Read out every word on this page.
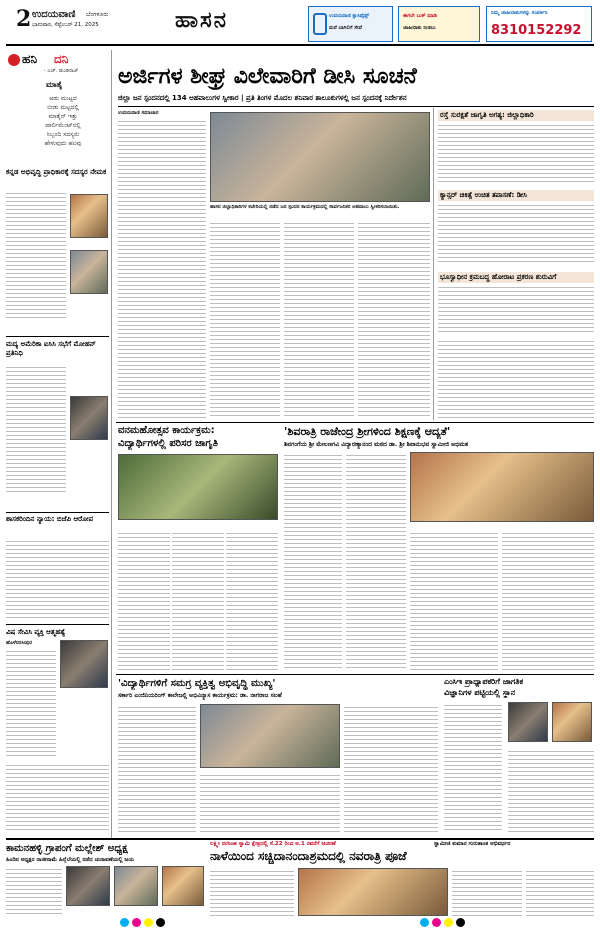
2 ಉದಯವಾಣಿ ಬೆಂಗಳೂರು
ಭಾನುವಾರ, ಸೆಪ್ಟೆಂಬರ್ 21, 2025	ಹಾಸನ	ಉದಯವಾಣಿ ಕ್ಲಾಸಿಫೈಡ್ಸ್
ಮನೆ ಬಾಗಿಲಿಗೆ ಸೇವೆ
ಈಗಲೇ ಬುಕ್ ಮಾಡಿ
ಜಾಹೀರಾತು ನೀಡಲು
ನಿಮ್ಮ ಜಾಹೀರಾತುಗಳನ್ನು ಸಂಪರ್ಕಿಸಿ
8310152292
ಹನಿ ದನಿ
- ಎಚ್. ಡುಂಡಿರಾಜ್
ಮಾತೈ
ಆಡು ಮುಟ್ಟದ
ಬೀಡು ಮಟ್ಟದಲ್ಲಿ
ಮಾತೈನ್ ಇತ್ತು
ಪಾರ್ಲಿಮೆಂಟ್‌ನಲ್ಲಿ
ಸಿಬ್ಬಂದಿ ಸದಸ್ಯರು
ಹೇಳುವುದು ಹಲವು
ಅರ್ಜಿಗಳ ಶೀಘ್ರ ವಿಲೇವಾರಿಗೆ ಡೀಸಿ ಸೂಚನೆ
ಜಿಲ್ಲಾ ಜನ ಸ್ಪಂದನದಲ್ಲಿ 134 ಅಹವಾಲುಗಳ ಸ್ವೀಕಾರ | ಪ್ರತಿ ತಿಂಗಳ ಮೊದಲ ಶನಿವಾರ ತಾಲೂಕುಗಳಲ್ಲಿ ಜನ ಸ್ಪಂದನಕ್ಕೆ ನಿರ್ದೇಶನ
ಉದಯವಾಣಿ ಸಮಾಚಾರ
ಹಾಸನ ಜಿಲ್ಲಾಧಿಕಾರಿಗಳ ಕಚೇರಿಯಲ್ಲಿ ನಡೆದ ಜನ ಸ್ಪಂದನ ಕಾರ್ಯಕ್ರಮದಲ್ಲಿ ಸಾರ್ವಜನಿಕರ ಅಹವಾಲು ಸ್ವೀಕರಿಸಲಾಯಿತು.
ರಸ್ತೆ ಸುರಕ್ಷತೆ ಜಾಗೃತಿ ಅಗತ್ಯ: ಜಿಲ್ಲಾಧಿಕಾರಿ
ಕ್ಯಾನ್ಸರ್ ಚಿಕಿತ್ಸೆ ಉಚಿತ ತಪಾಸಣೆ: ಡೀಸಿ
ಭೂಸ್ವಾಧೀನ ಕ್ರಮಬದ್ಧ ಹೋರಾಟ ಪ್ರಕರಣ ಶುರುವಿಗೆ
ಕನ್ನಡ ಅಭಿವೃದ್ಧಿ ಪ್ರಾಧಿಕಾರಕ್ಕೆ ಸದಸ್ಯರ ನೇಮಕ
ಮದ್ಯ ಅಮೆರಿಕಾ ಐಸಿಸಿ ಸಭೆಗೆ ಮೋಹನ್ ಪ್ರತಿನಿಧಿ
ಶಾಸಕರಿಂದಿನ ನ್ಯಾಯ: ಬಿಜೆಪಿ ಆರೋಪ
ವಿಷ ಸೇವಿಸಿ ವ್ಯಕ್ತಿ ಆತ್ಮಹತ್ಯೆ
ಹೊಳೆನರಸೀಪುರ
ವನಮಹೋತ್ಸವ ಕಾರ್ಯಕ್ರಮ:
ವಿದ್ಯಾರ್ಥಿಗಳಲ್ಲಿ ಪರಿಸರ ಜಾಗೃತಿ
'ಶಿವರಾತ್ರಿ ರಾಜೇಂದ್ರ ಶ್ರೀಗಳಿಂದ ಶಿಕ್ಷಣಕ್ಕೆ ಆದ್ಯತೆ'
ಶಿವಗಂಗೆಯ ಶ್ರೀ ಮೇಲಣಗವಿ ವಿದ್ಯಾರಣ್ಯಾನಂದ ಮಠದ ಡಾ. ಶ್ರೀ ಶಿವಾನುಭವ ಸ್ವಾಮೀಜಿ ಅಭಿಮತ
'ವಿದ್ಯಾರ್ಥಿಗಳಿಗೆ ಸಮಗ್ರ ವ್ಯಕ್ತಿತ್ವ ಅಭಿವೃದ್ಧಿ ಮುಖ್ಯ'
ಸರ್ಕಾರಿ ಎಂಜಿನಿಯರಿಂಗ್ ಕಾಲೇಜಲ್ಲಿ ಅಭಿವಿನ್ಯಾಸ ಕಾರ್ಯಕ್ರಮ: ಡಾ. ನಾಗರಾಜ ಸಲಹೆ
ಎಂಸಿಇ ಪ್ರಾಧ್ಯಾಪಕರಿಗೆ ಜಾಗತಿಕ
ವಿಜ್ಞಾನಿಗಳ ಪಟ್ಟಿಯಲ್ಲಿ ಸ್ಥಾನ
ಕಾಮನಹಳ್ಳಿ ಗ್ರಾಪಂಗೆ ಮಲ್ಲೇಶ್ ಅಧ್ಯಕ್ಷ
ಹಿಂದಿನ ಅಧ್ಯಕ್ಷರ ರಾಜೀನಾಮೆ ಹಿನ್ನೆಲೆಯಲ್ಲಿ ನಡೆದ ಚುನಾವಣೆಯಲ್ಲಿ ಜಯ
ಲಕ್ಷ್ಮೀ ನರಸಿಂಹ ಸ್ವಾಮಿ ಕ್ಷೇತ್ರದಲ್ಲಿ ಸೆ.22 ರಿಂದ ಅ.1 ರವರೆಗೆ ಆಚರಣೆ	ಸ್ವಾಮೀಜಿ ಕುಮಾರ ಗುರುಶಾಂತ ಅಭಿವರ್ಧನ
ನಾಳೆಯಿಂದ ಸಚ್ಚಿದಾನಂದಾಶ್ರಮದಲ್ಲಿ ನವರಾತ್ರಿ ಪೂಜೆ
